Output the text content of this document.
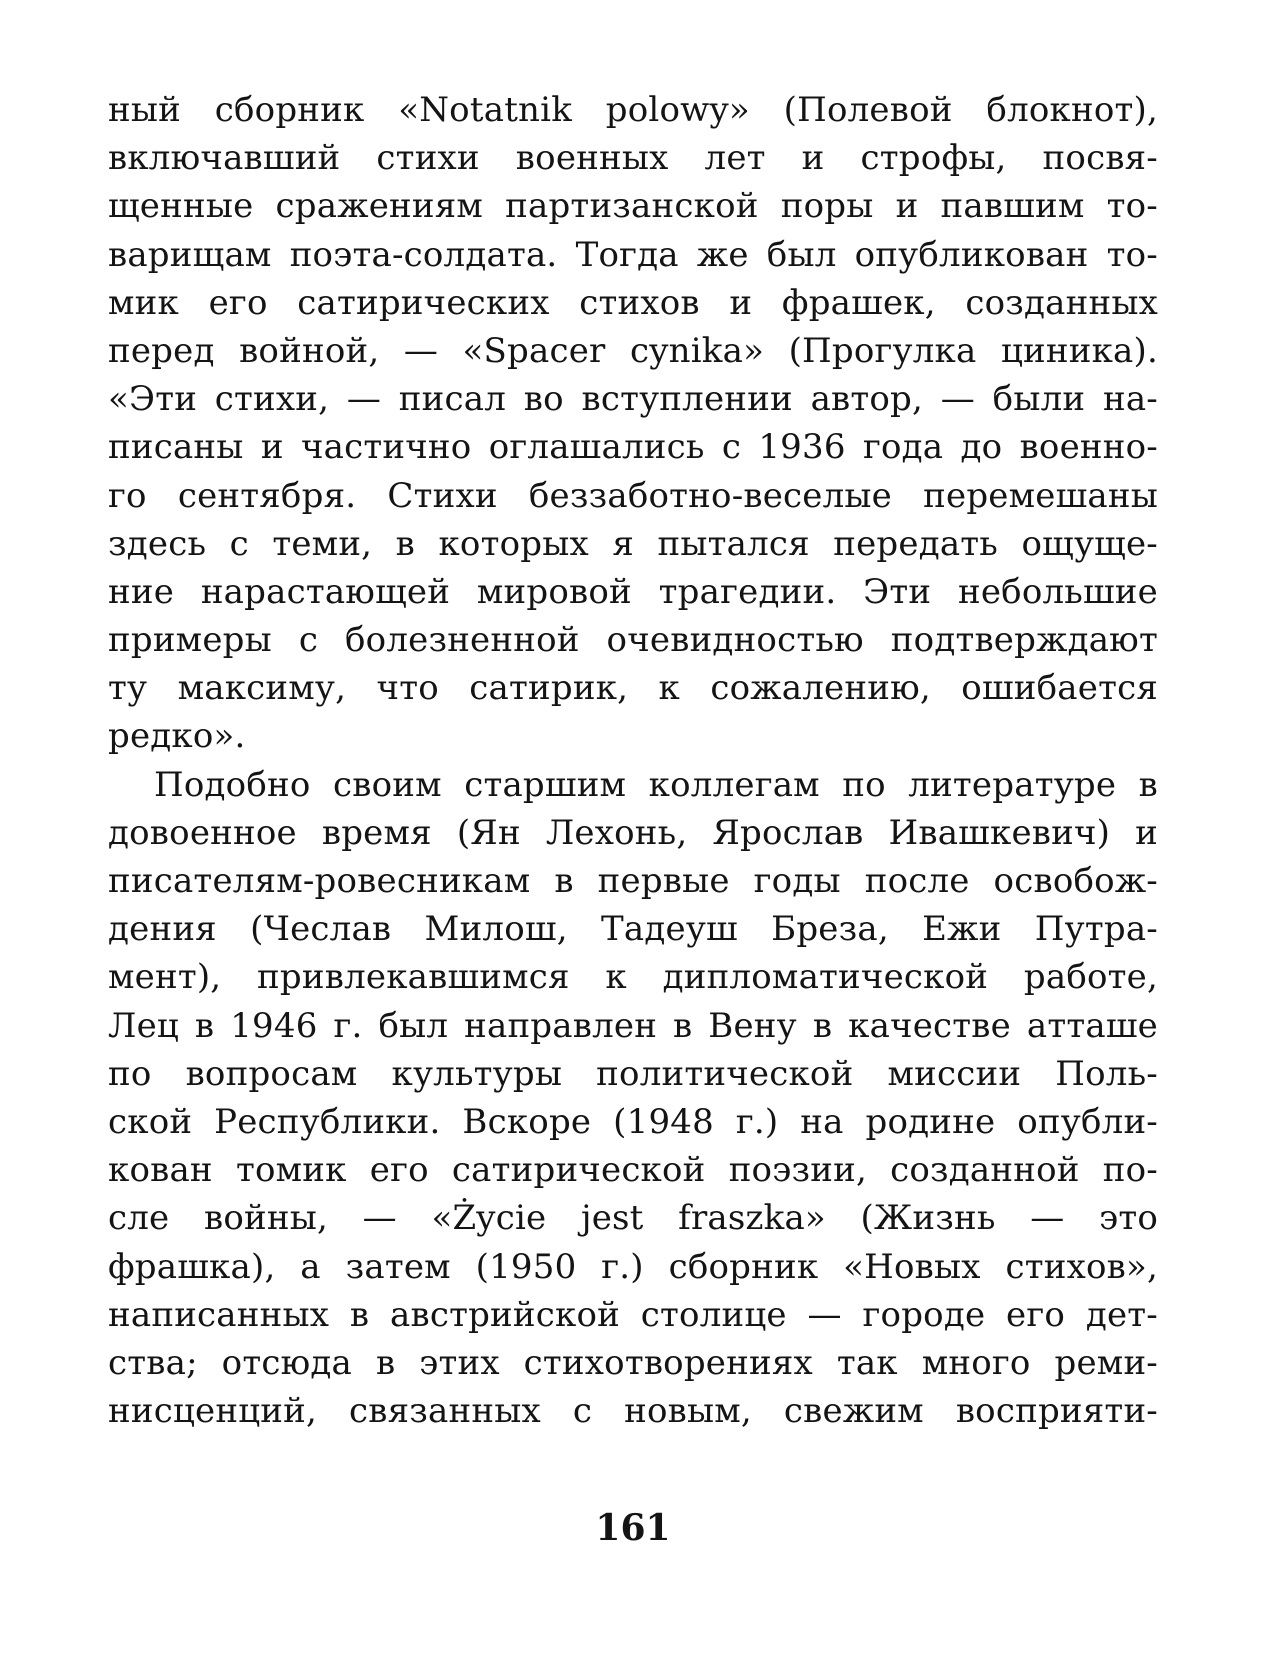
ный сборник «Notatnik polowy» (Полевой блокнот),
включавший стихи военных лет и строфы, посвя-
щенные сражениям партизанской поры и павшим то-
варищам поэта-солдата. Тогда же был опубликован то-
мик его сатирических стихов и фрашек, созданных
перед войной, — «Spacer cynika» (Прогулка циника).
«Эти стихи, — писал во вступлении автор, — были на-
писаны и частично оглашались с 1936 года до военно-
го сентября. Стихи беззаботно-веселые перемешаны
здесь с теми, в которых я пытался передать ощуще-
ние нарастающей мировой трагедии. Эти небольшие
примеры с болезненной очевидностью подтверждают
ту максиму, что сатирик, к сожалению, ошибается
редко».
Подобно своим старшим коллегам по литературе в
довоенное время (Ян Лехонь, Ярослав Ивашкевич) и
писателям-ровесникам в первые годы после освобож-
дения (Чеслав Милош, Тадеуш Бреза, Ежи Путра-
мент), привлекавшимся к дипломатической работе,
Лец в 1946 г. был направлен в Вену в качестве атташе
по вопросам культуры политической миссии Поль-
ской Республики. Вскоре (1948 г.) на родине опубли-
кован томик его сатирической поэзии, созданной по-
сле войны, — «Życie jest fraszka» (Жизнь — это
фрашка), а затем (1950 г.) сборник «Новых стихов»,
написанных в австрийской столице — городе его дет-
ства; отсюда в этих стихотворениях так много реми-
нисценций, связанных с новым, свежим восприяти-
161
